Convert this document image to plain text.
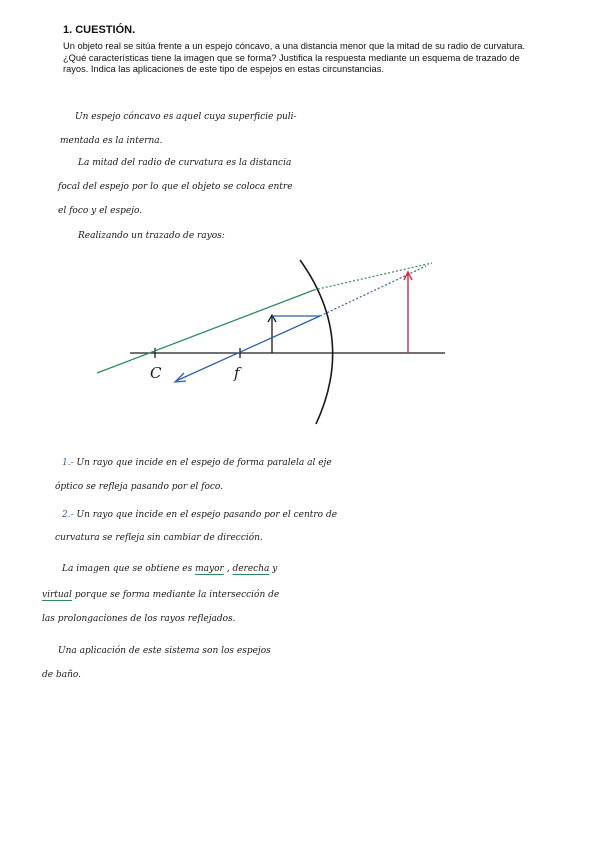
1. CUESTIÓN.

Un objeto real se sitúa frente a un espejo cóncavo, a una distancia menor que la mitad de su radio de curvatura. ¿Qué características tiene la imagen que se forma? Justifica la respuesta mediante un esquema de trazado de rayos. Indica las aplicaciones de este tipo de espejos en estas circunstancias.

Un espejo cóncavo es aquel cuya superficie puli-

mentada es la interna.

La mitad del radio de curvatura es la distancia

focal del espejo por lo que el objeto se coloca entre

el foco y el espejo.

Realizando un trazado de rayos:

C	f

1.- Un rayo que incide en el espejo de forma paralela al eje

óptico se refleja pasando por el foco.

2.- Un rayo que incide en el espejo pasando por el centro de

curvatura se refleja sin cambiar de dirección.

La imagen que se obtiene es mayor , derecha y

virtual porque se forma mediante la intersección de

las prolongaciones de los rayos reflejados.

Una aplicación de este sistema son los espejos

de baño.
